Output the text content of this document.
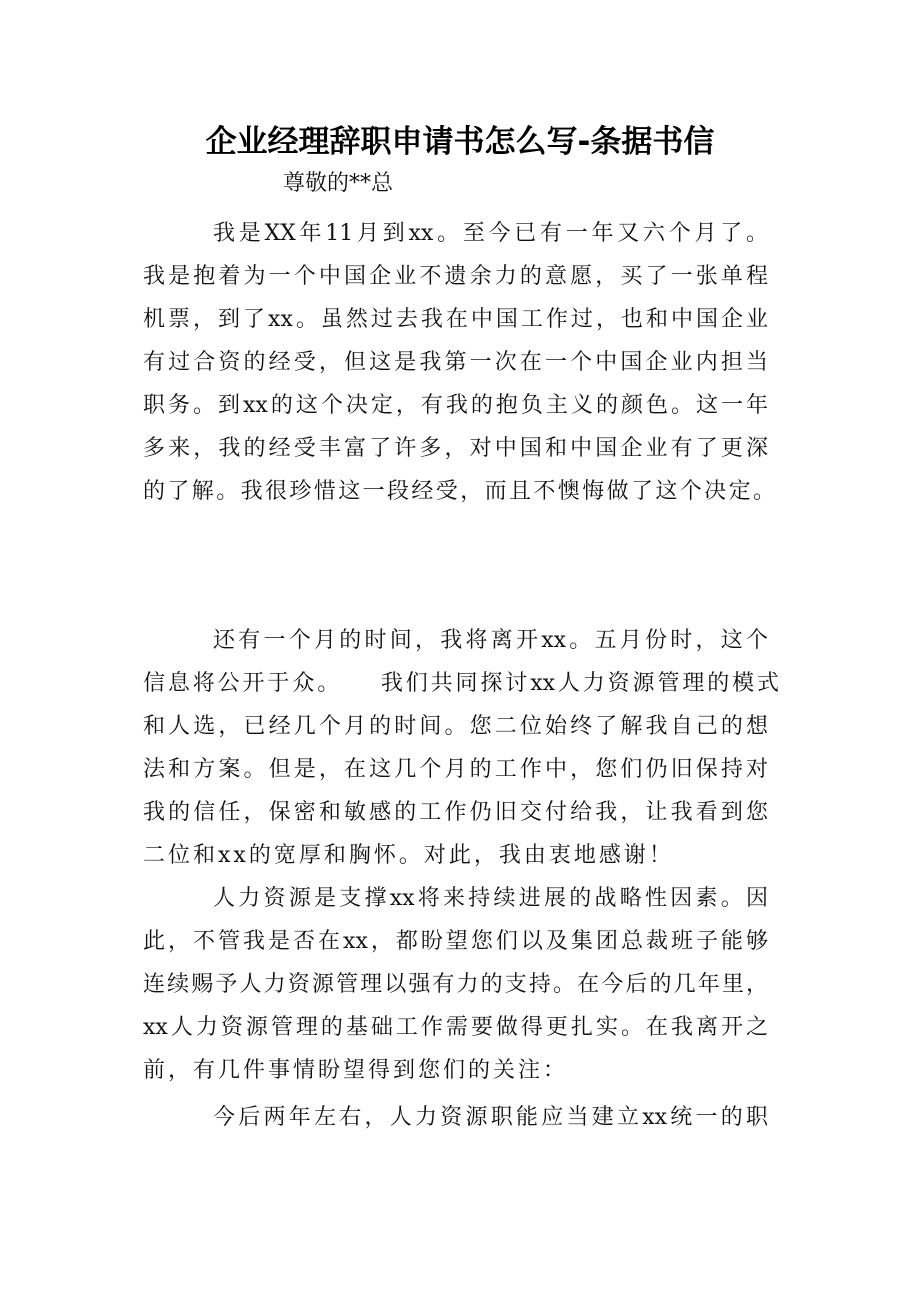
企业经理辞职申请书怎么写-条据书信
尊敬的**总
我是XX年11月到xx。至今已有一年又六个月了。
我是抱着为一个中国企业不遗余力的意愿，买了一张单程
机票，到了xx。虽然过去我在中国工作过，也和中国企业
有过合资的经受，但这是我第一次在一个中国企业内担当
职务。到xx的这个决定，有我的抱负主义的颜色。这一年
多来，我的经受丰富了许多，对中国和中国企业有了更深
的了解。我很珍惜这一段经受，而且不懊悔做了这个决定。
还有一个月的时间，我将离开xx。五月份时，这个
信息将公开于众。　　我们共同探讨xx人力资源管理的模式
和人选，已经几个月的时间。您二位始终了解我自己的想
法和方案。但是，在这几个月的工作中，您们仍旧保持对
我的信任，保密和敏感的工作仍旧交付给我，让我看到您
二位和xx的宽厚和胸怀。对此，我由衷地感谢！
人力资源是支撑xx将来持续进展的战略性因素。因
此，不管我是否在xx，都盼望您们以及集团总裁班子能够
连续赐予人力资源管理以强有力的支持。在今后的几年里，
xx人力资源管理的基础工作需要做得更扎实。在我离开之
前，有几件事情盼望得到您们的关注：
今后两年左右，人力资源职能应当建立xx统一的职
